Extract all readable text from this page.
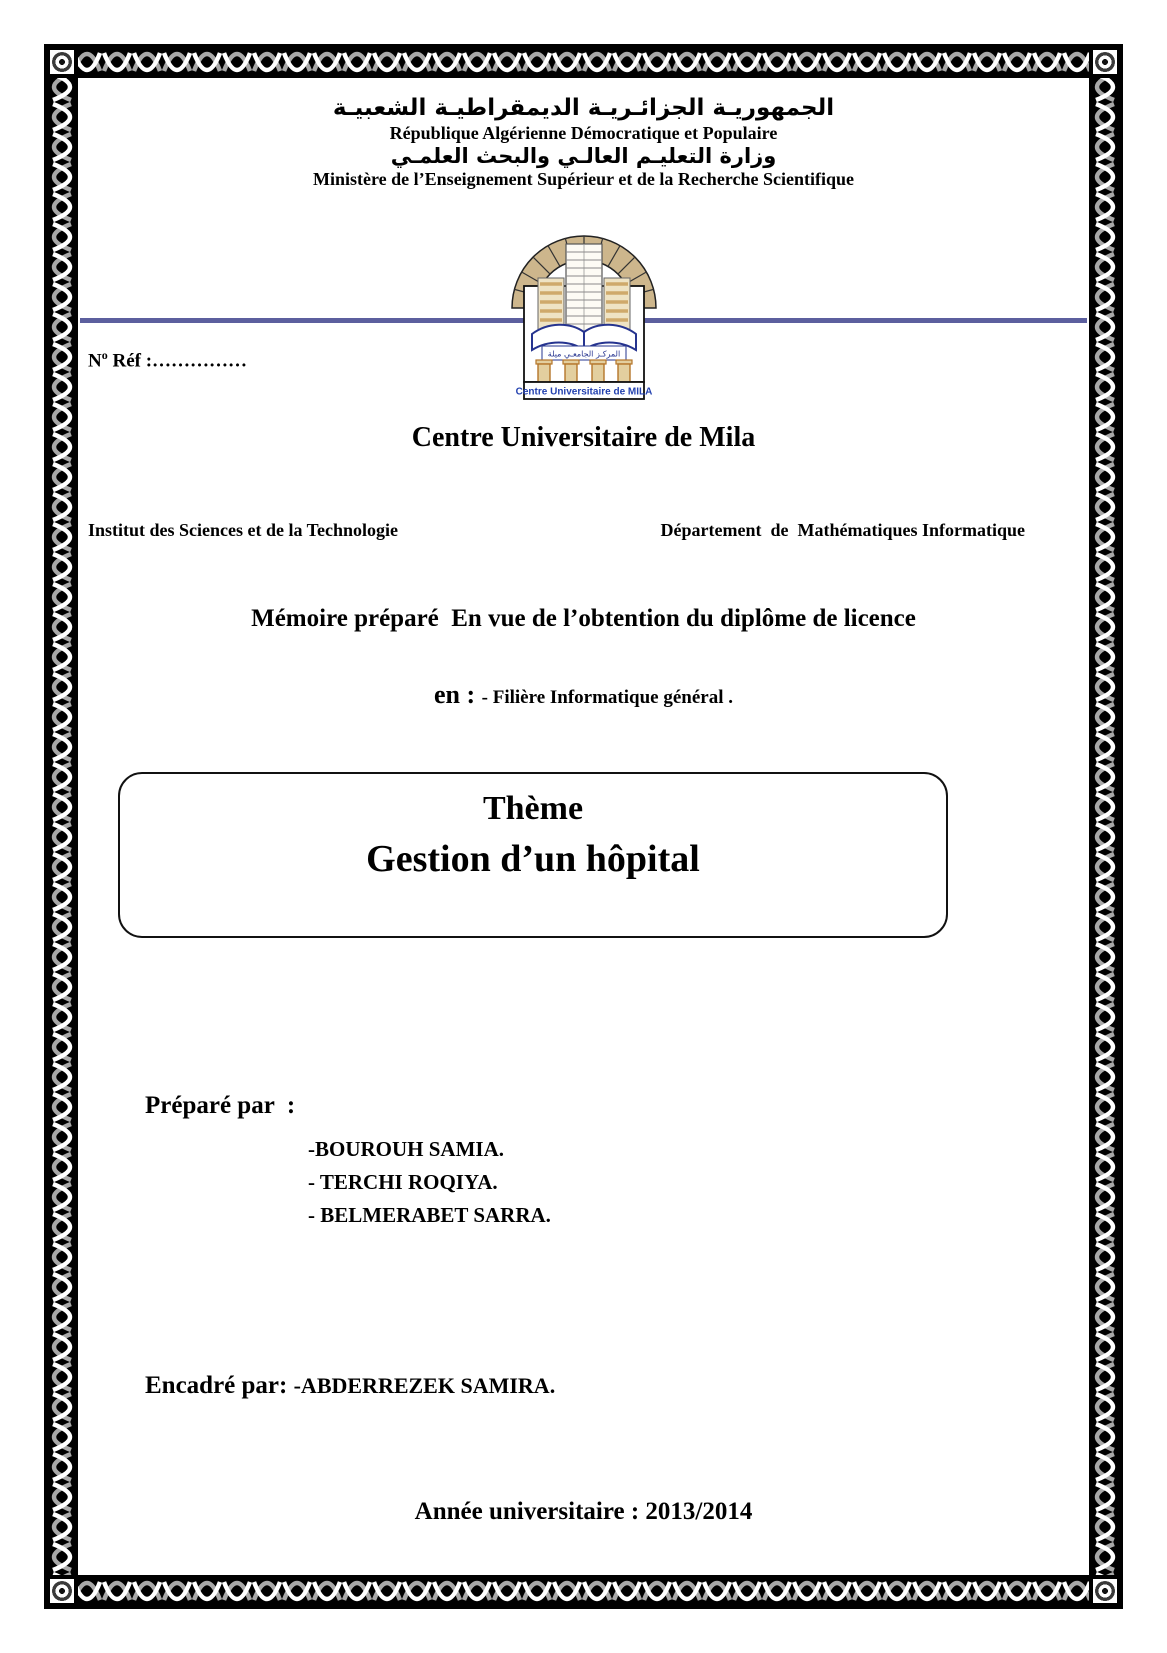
الجمهوريـة الجزائـريـة الديمقراطيـة الشعبيـة
République Algérienne Démocratique et Populaire
وزارة التعليـم العالـي والبحث العلمـي
Ministère de l’Enseignement Supérieur et de la Recherche Scientifique
المركـز الجامعـي ميلة
Centre Universitaire de MILA
$N^o$ Réf :……………
Centre Universitaire de Mila
Institut des Sciences et de la Technologie	Département  de  Mathématiques Informatique
Mémoire préparé  En vue de l’obtention du diplôme de licence
en : - Filière Informatique général .
Thème
Gestion d’un hôpital
Préparé par  :
-BOUROUH SAMIA.
- TERCHI ROQIYA.
- BELMERABET SARRA.
Encadré par: -ABDERREZEK SAMIRA.
Année universitaire : 2013/2014
